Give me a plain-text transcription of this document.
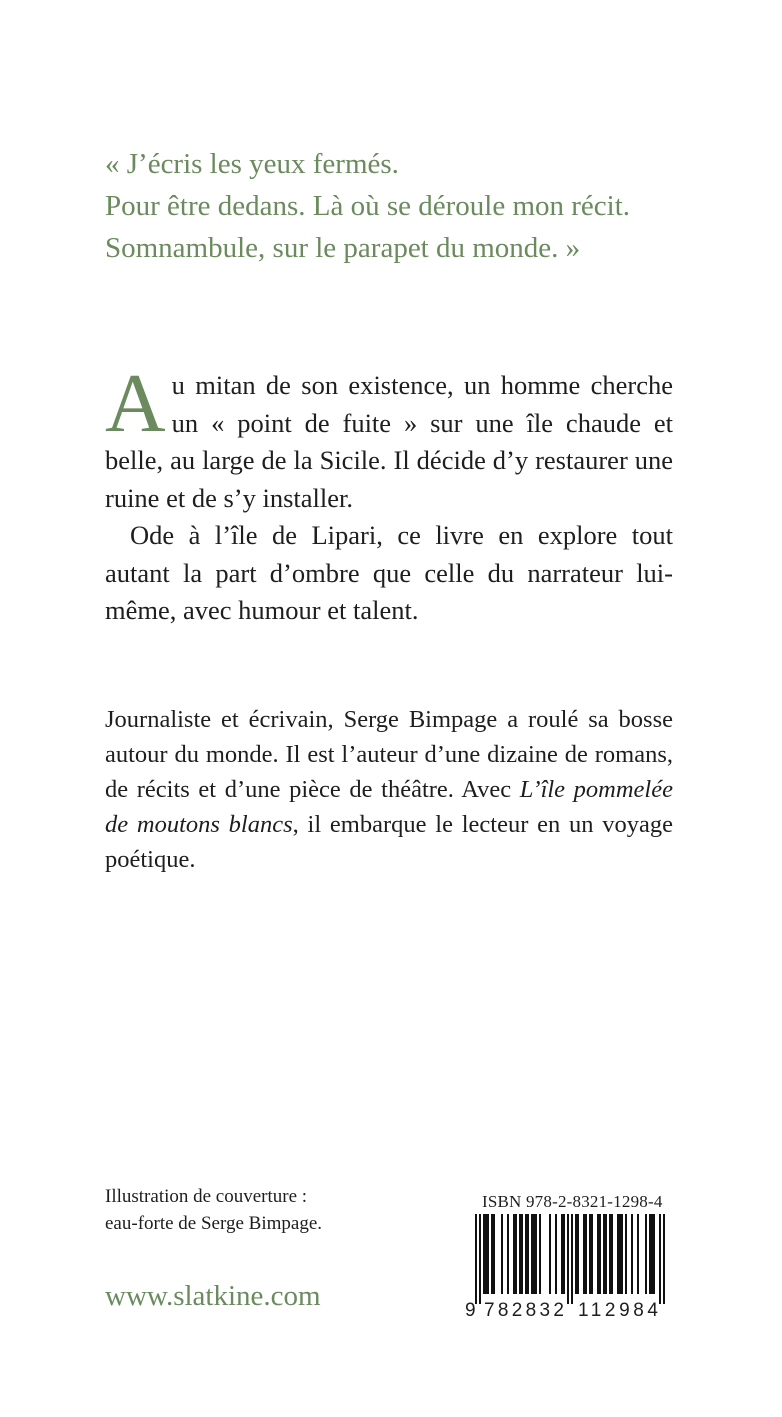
« J’écris les yeux fermés.
Pour être dedans. Là où se déroule mon récit.
Somnambule, sur le parapet du monde. »

Au mitan de son existence, un homme cherche un « point de fuite » sur une île chaude et belle, au large de la Sicile. Il décide d’y restaurer une ruine et de s’y installer.

Ode à l’île de Lipari, ce livre en explore tout autant la part d’ombre que celle du narrateur lui-même, avec humour et talent.

Journaliste et écrivain, Serge Bimpage a roulé sa bosse autour du monde. Il est l’auteur d’une dizaine de romans, de récits et d’une pièce de théâtre. Avec L’île pommelée de moutons blancs, il embarque le lecteur en un voyage poétique.

Illustration de couverture :
eau-forte de Serge Bimpage.
www.slatkine.com
ISBN 978-2-8321-1298-4
9 782832 112984
